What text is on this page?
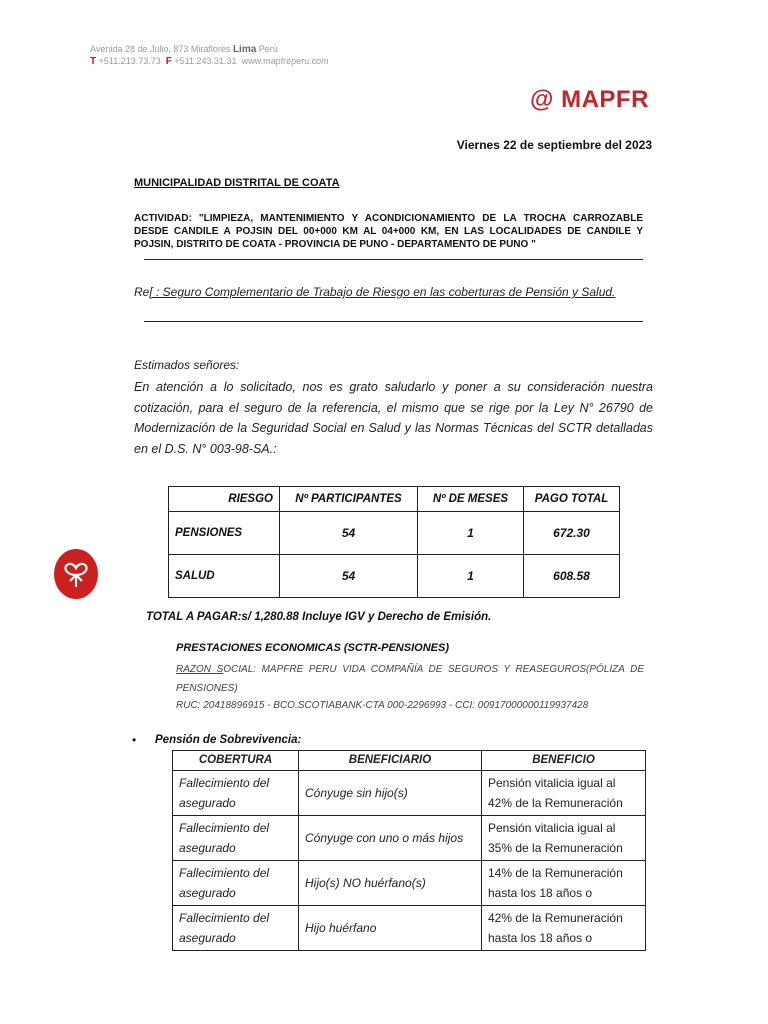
Avenida 28 de Julio, 873 Miraflores Lima Perú
T +511.213.73.73 F +511.243.31.31 www.mapfreperu.com
@ MAPFR
Viernes 22 de septiembre del 2023
MUNICIPALIDAD DISTRITAL DE COATA
ACTIVIDAD: "LIMPIEZA, MANTENIMIENTO Y ACONDICIONAMIENTO DE LA TROCHA CARROZABLE DESDE CANDILE A POJSIN DEL 00+000 KM AL 04+000 KM, EN LAS LOCALIDADES DE CANDILE Y POJSIN, DISTRITO DE COATA - PROVINCIA DE PUNO - DEPARTAMENTO DE PUNO "
Re[ : Seguro Complementario de Trabajo de Riesgo en las coberturas de Pensión y Salud.
Estimados señores:
En atención a lo solicitado, nos es grato saludarlo y poner a su consideración nuestra cotización, para el seguro de la referencia, el mismo que se rige por la Ley N° 26790 de Modernización de la Seguridad Social en Salud y las Normas Técnicas del SCTR detalladas en el D.S. N° 003-98-SA.:
RIESGO	Nº PARTICIPANTES	Nº DE MESES	PAGO TOTAL
PENSIONES	54	1	672.30
SALUD	54	1	608.58
TOTAL A PAGAR:s/ 1,280.88 Incluye IGV y Derecho de Emisión.
PRESTACIONES ECONOMICAS (SCTR-PENSIONES)
RAZON SOCIAL: MAPFRE PERU VIDA COMPAÑÍA DE SEGUROS Y REASEGUROS(PÓLIZA DE PENSIONES)
RUC: 20418896915 - BCO.SCOTIABANK-CTA 000-2296993 - CCI: 00917000000119937428
• Pensión de Sobrevivencia:
COBERTURA	BENEFICIARIO	BENEFICIO
Fallecimiento del asegurado	Cónyuge sin hijo(s)	Pensión vitalicia igual al 42% de la Remuneración
Fallecimiento del asegurado	Cónyuge con uno o más hijos	Pensión vitalicia igual al 35% de la Remuneración
Fallecimiento del asegurado	Hijo(s) NO huérfano(s)	14% de la Remuneración hasta los 18 años o
Fallecimiento del asegurado	Hijo huérfano	42% de la Remuneración hasta los 18 años o
